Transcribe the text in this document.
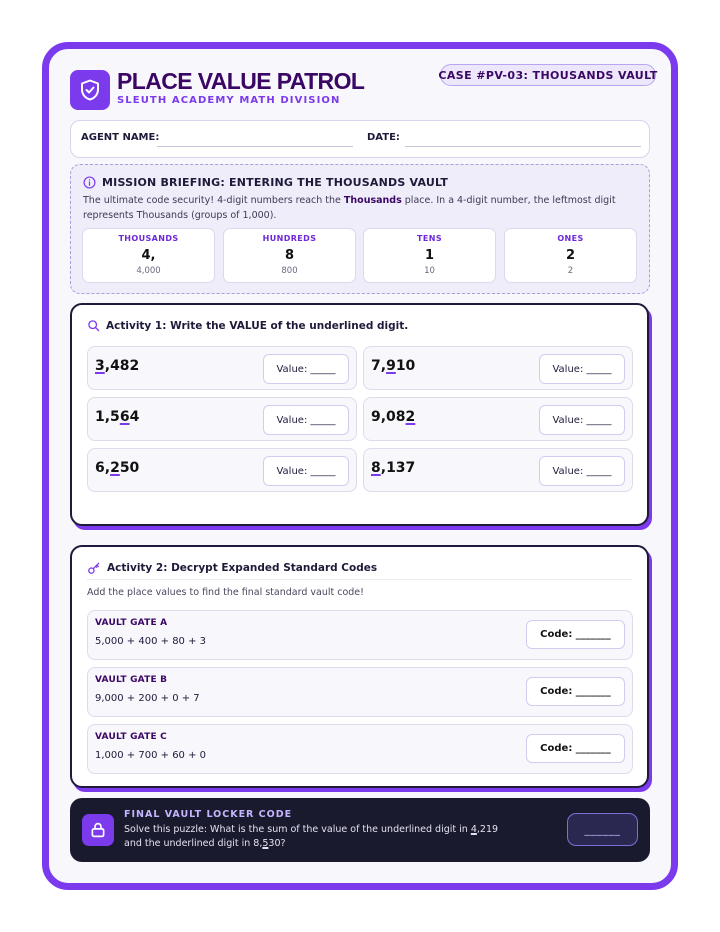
PLACE VALUE PATROL
SLEUTH ACADEMY MATH DIVISION
CASE #PV-03: THOUSANDS VAULT
AGENT NAME:	DATE:
MISSION BRIEFING: ENTERING THE THOUSANDS VAULT
The ultimate code security! 4-digit numbers reach the Thousands place. In a 4-digit number, the leftmost digit represents Thousands (groups of 1,000).
THOUSANDS
4,
4,000
HUNDREDS
8
800
TENS
1
10
ONES
2
2
Activity 1: Write the VALUE of the underlined digit.
3,482	Value: _____	7,910	Value: _____
1,564	Value: _____	9,082	Value: _____
6,250	Value: _____	8,137	Value: _____
Activity 2: Decrypt Expanded Standard Codes
Add the place values to find the final standard vault code!
VAULT GATE A
5,000 + 400 + 80 + 3
Code: _______
VAULT GATE B
9,000 + 200 + 0 + 7
Code: _______
VAULT GATE C
1,000 + 700 + 60 + 0
Code: _______
FINAL VAULT LOCKER CODE
Solve this puzzle: What is the sum of the value of the underlined digit in 4,219 and the underlined digit in 8,530?
______
